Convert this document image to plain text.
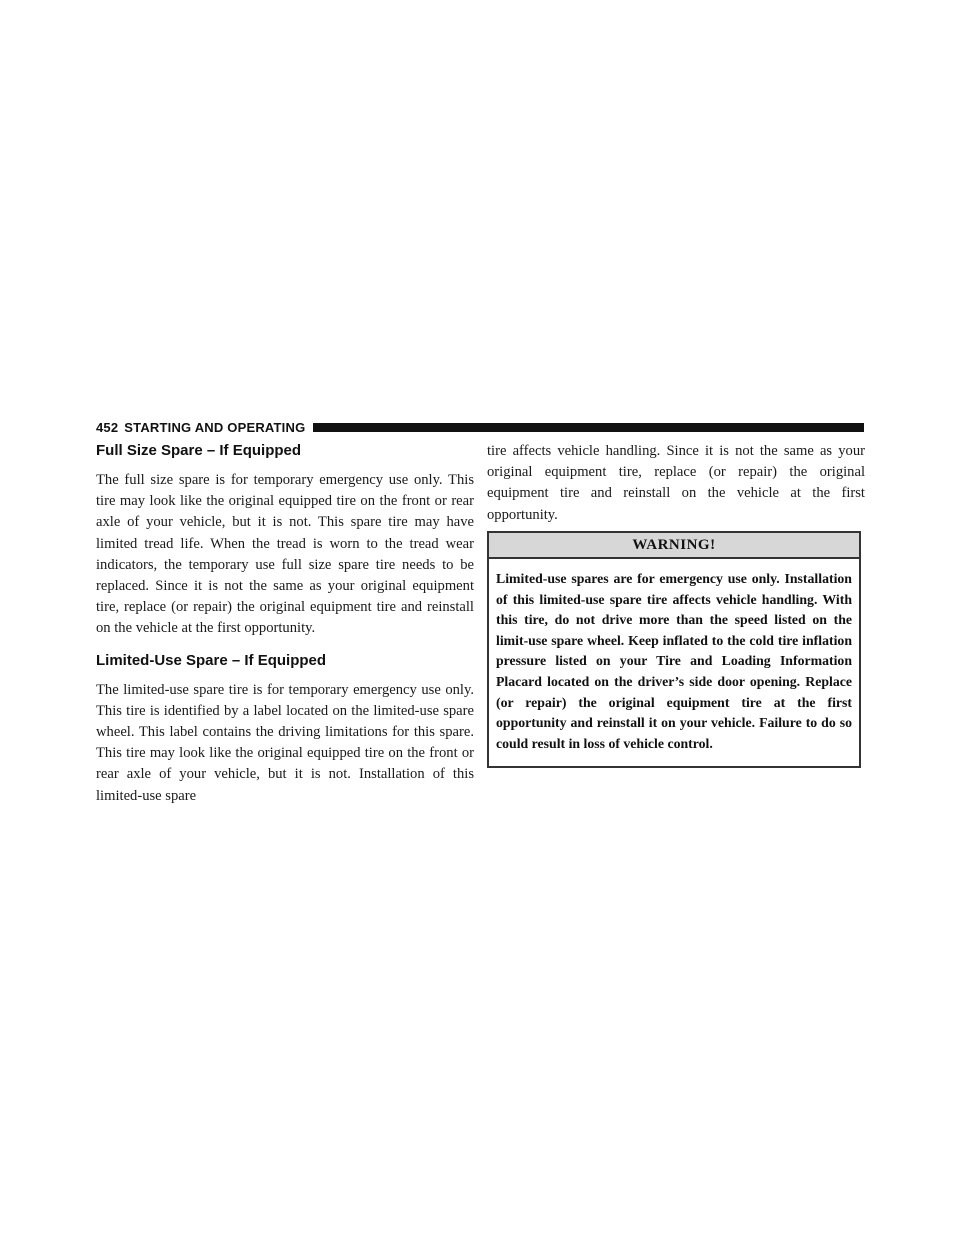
452 STARTING AND OPERATING
Full Size Spare – If Equipped

The full size spare is for temporary emergency use only. This tire may look like the original equipped tire on the front or rear axle of your vehicle, but it is not. This spare tire may have limited tread life. When the tread is worn to the tread wear indicators, the temporary use full size spare tire needs to be replaced. Since it is not the same as your original equipment tire, replace (or repair) the original equipment tire and reinstall on the vehicle at the first opportunity.

Limited-Use Spare – If Equipped

The limited-use spare tire is for temporary emergency use only. This tire is identified by a label located on the limited-use spare wheel. This label contains the driving limitations for this spare. This tire may look like the original equipped tire on the front or rear axle of your vehicle, but it is not. Installation of this limited-use spare

tire affects vehicle handling. Since it is not the same as your original equipment tire, replace (or repair) the original equipment tire and reinstall on the vehicle at the first opportunity.

WARNING!
Limited-use spares are for emergency use only. Installation of this limited-use spare tire affects vehicle handling. With this tire, do not drive more than the speed listed on the limit-use spare wheel. Keep inflated to the cold tire inflation pressure listed on your Tire and Loading Information Placard located on the driver’s side door opening. Replace (or repair) the original equipment tire at the first opportunity and reinstall it on your vehicle. Failure to do so could result in loss of vehicle control.
